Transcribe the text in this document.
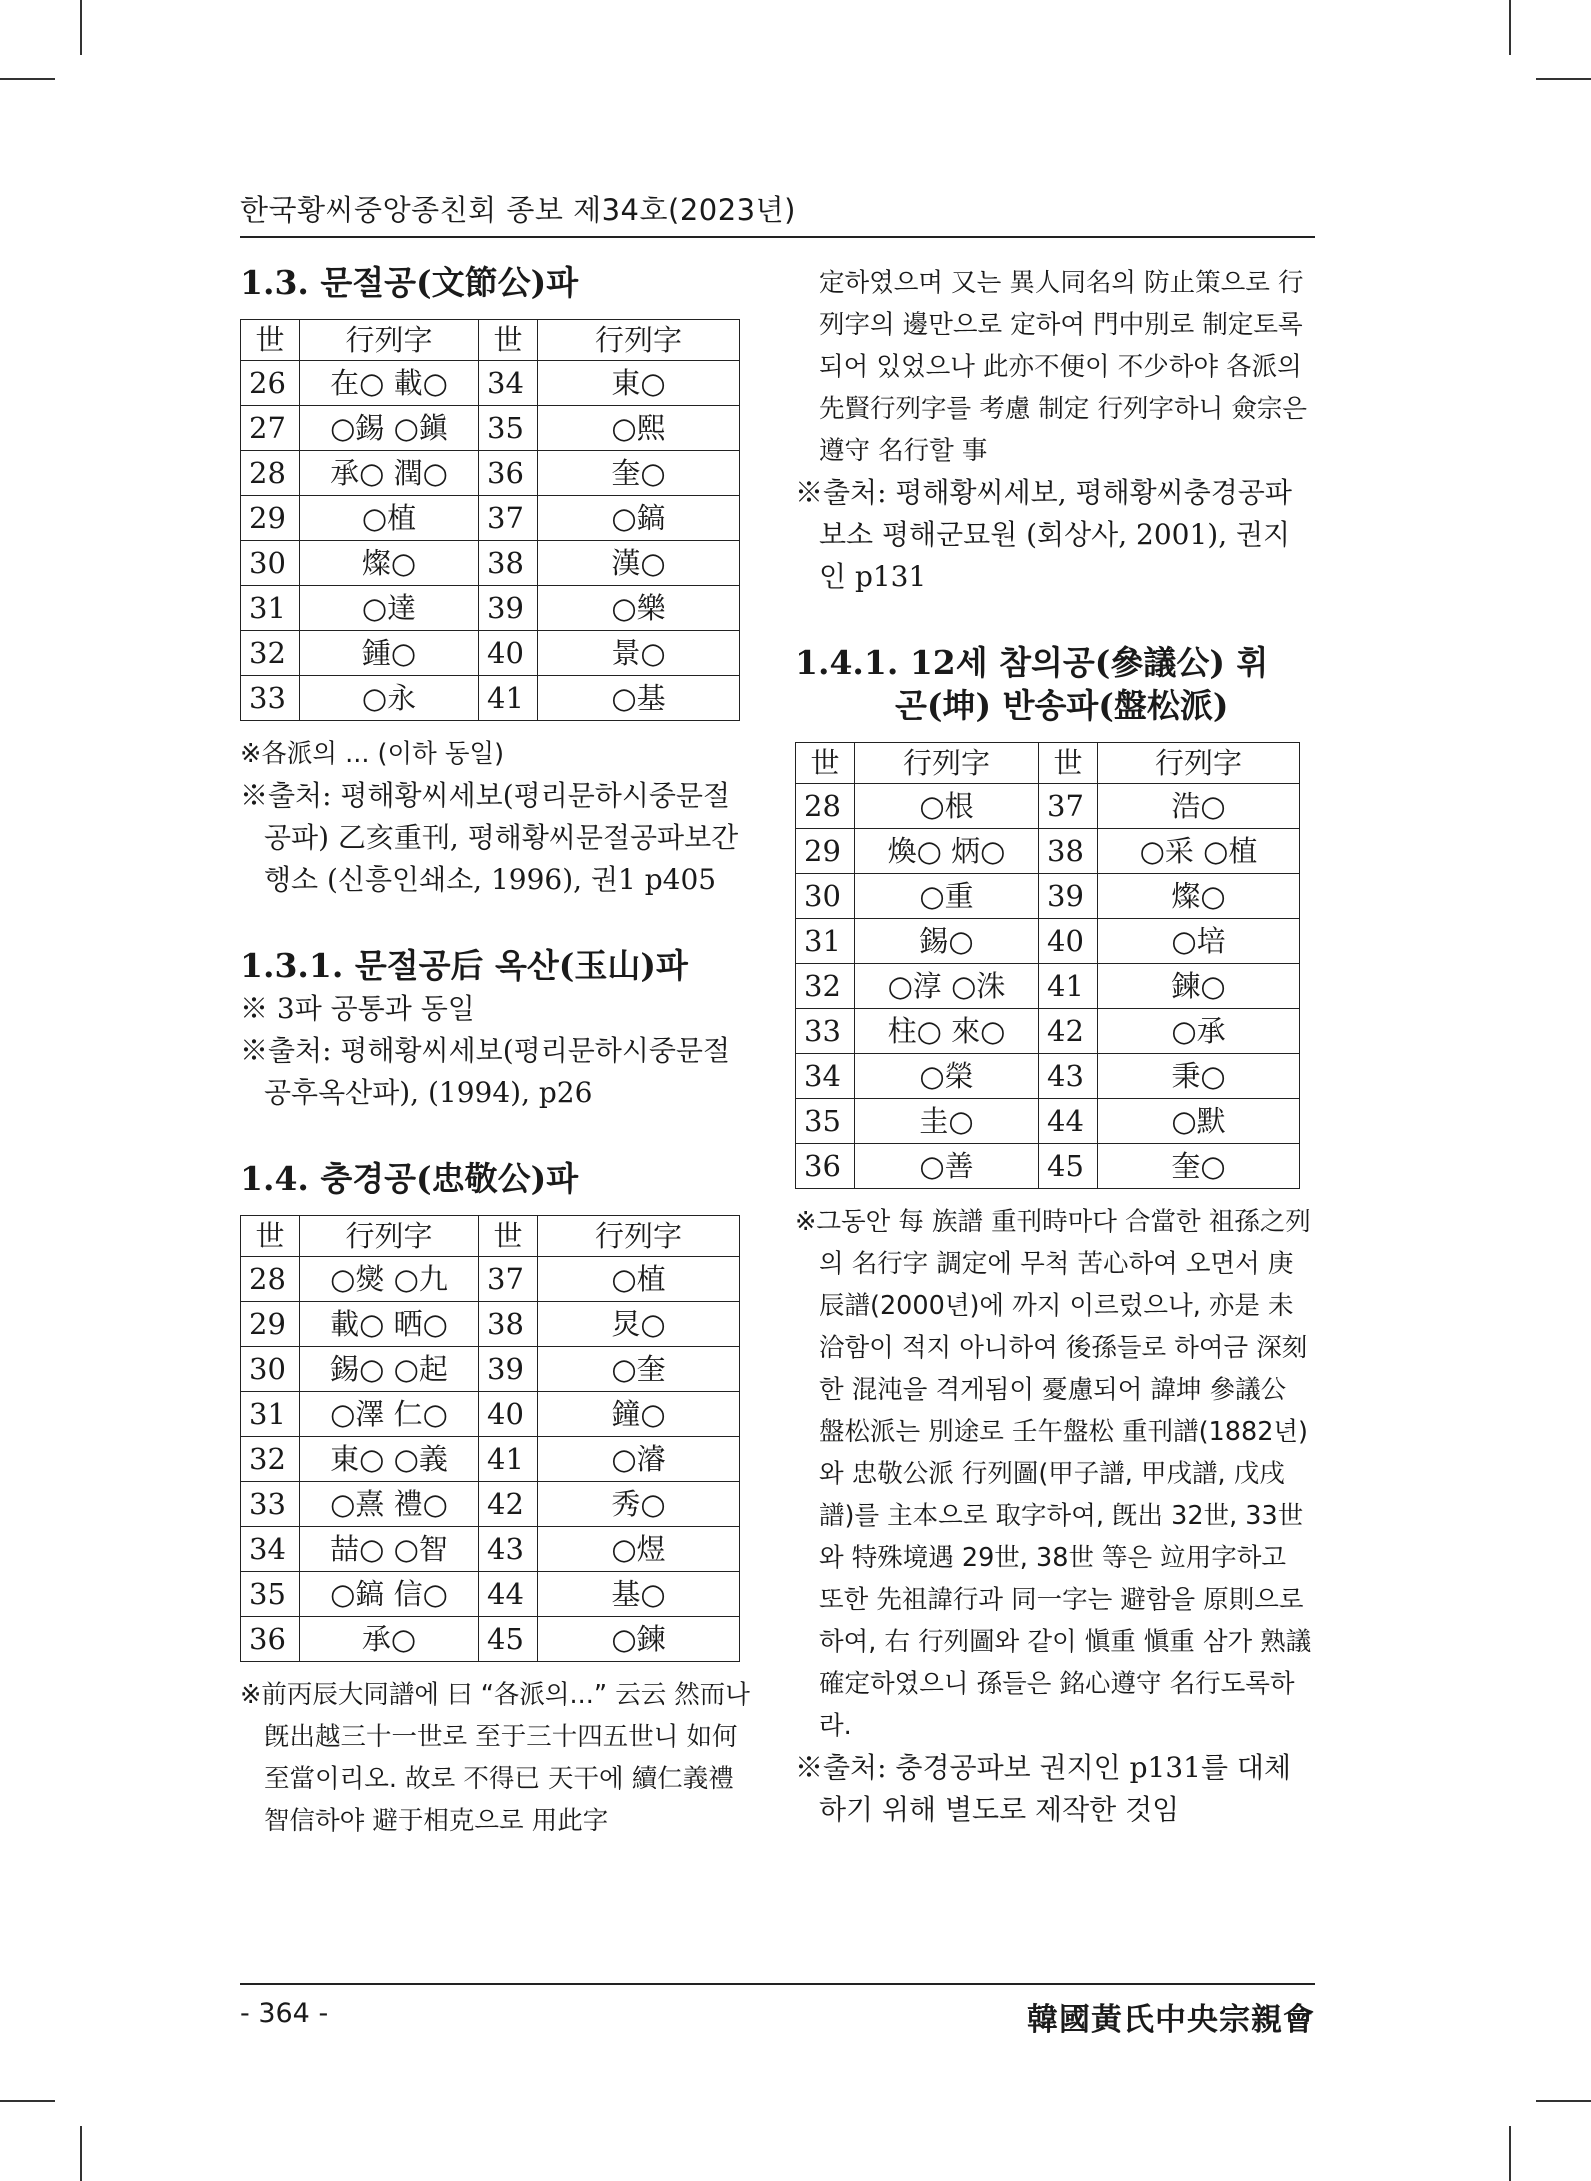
한국황씨중앙종친회 종보 제34호(2023년)
1.3. 문절공(文節公)파
世	行列字	世	行列字
26	在○ 載○	34	東○
27	○錫 ○鎭	35	○熙
28	承○ 潤○	36	奎○
29	○植	37	○鎬
30	燦○	38	漢○
31	○達	39	○樂
32	鍾○	40	景○
33	○永	41	○基
※各派의 ... (이하 동일)
※출처: 평해황씨세보(평리문하시중문절공파) 乙亥重刊, 평해황씨문절공파보간행소 (신흥인쇄소, 1996), 권1 p405
1.3.1. 문절공后 옥산(玉山)파
※ 3파 공통과 동일
※출처: 평해황씨세보(평리문하시중문절공후옥산파), (1994), p26
1.4. 충경공(忠敬公)파
世	行列字	世	行列字
28	○爕 ○九	37	○植
29	載○ 晒○	38	炅○
30	錫○ ○起	39	○奎
31	○澤 仁○	40	鐘○
32	東○ ○義	41	○濬
33	○熹 禮○	42	秀○
34	喆○ ○智	43	○煜
35	○鎬 信○	44	基○
36	承○	45	○鍊
※前丙辰大同譜에 曰 “各派의...” 云云 然而나 旣出越三十一世로 至于三十四五世니 如何至當이리오. 故로 不得已 天干에 續仁義禮智信하야 避于相克으로 用此字
定하였으며 又는 異人同名의 防止策으로 行列字의 邊만으로 定하여 門中別로 制定토록 되어 있었으나 此亦不便이 不少하야 各派의 先賢行列字를 考慮 制定 行列字하니 僉宗은 遵守 名行할 事
※출처: 평해황씨세보, 평해황씨충경공파보소 평해군묘원 (회상사, 2001), 권지인 p131
1.4.1. 12세 참의공(參議公) 휘
곤(坤) 반송파(盤松派)
世	行列字	世	行列字
28	○根	37	浩○
29	煥○ 炳○	38	○采 ○植
30	○重	39	燦○
31	錫○	40	○培
32	○淳 ○洙	41	鍊○
33	柱○ 來○	42	○承
34	○榮	43	秉○
35	圭○	44	○默
36	○善	45	奎○
※그동안 每 族譜 重刊時마다 合當한 祖孫之列의 名行字 調定에 무척 苦心하여 오면서 庚辰譜(2000년)에 까지 이르렀으나, 亦是 未洽함이 적지 아니하여 後孫들로 하여금 深刻한 混沌을 격게됨이 憂慮되어 諱坤 參議公 盤松派는 別途로 壬午盤松 重刊譜(1882년)와 忠敬公派 行列圖(甲子譜, 甲戌譜, 戊戌譜)를 主本으로 取字하여, 旣出 32世, 33世와 特殊境遇 29世, 38世 等은 竝用字하고 또한 先祖諱行과 同一字는 避함을 原則으로하여, 右 行列圖와 같이 愼重 愼重 삼가 熟議 確定하였으니 孫들은 銘心遵守 名行도록하라.
※출처: 충경공파보 권지인 p131를 대체하기 위해 별도로 제작한 것임
- 364 -	韓國黃氏中央宗親會
